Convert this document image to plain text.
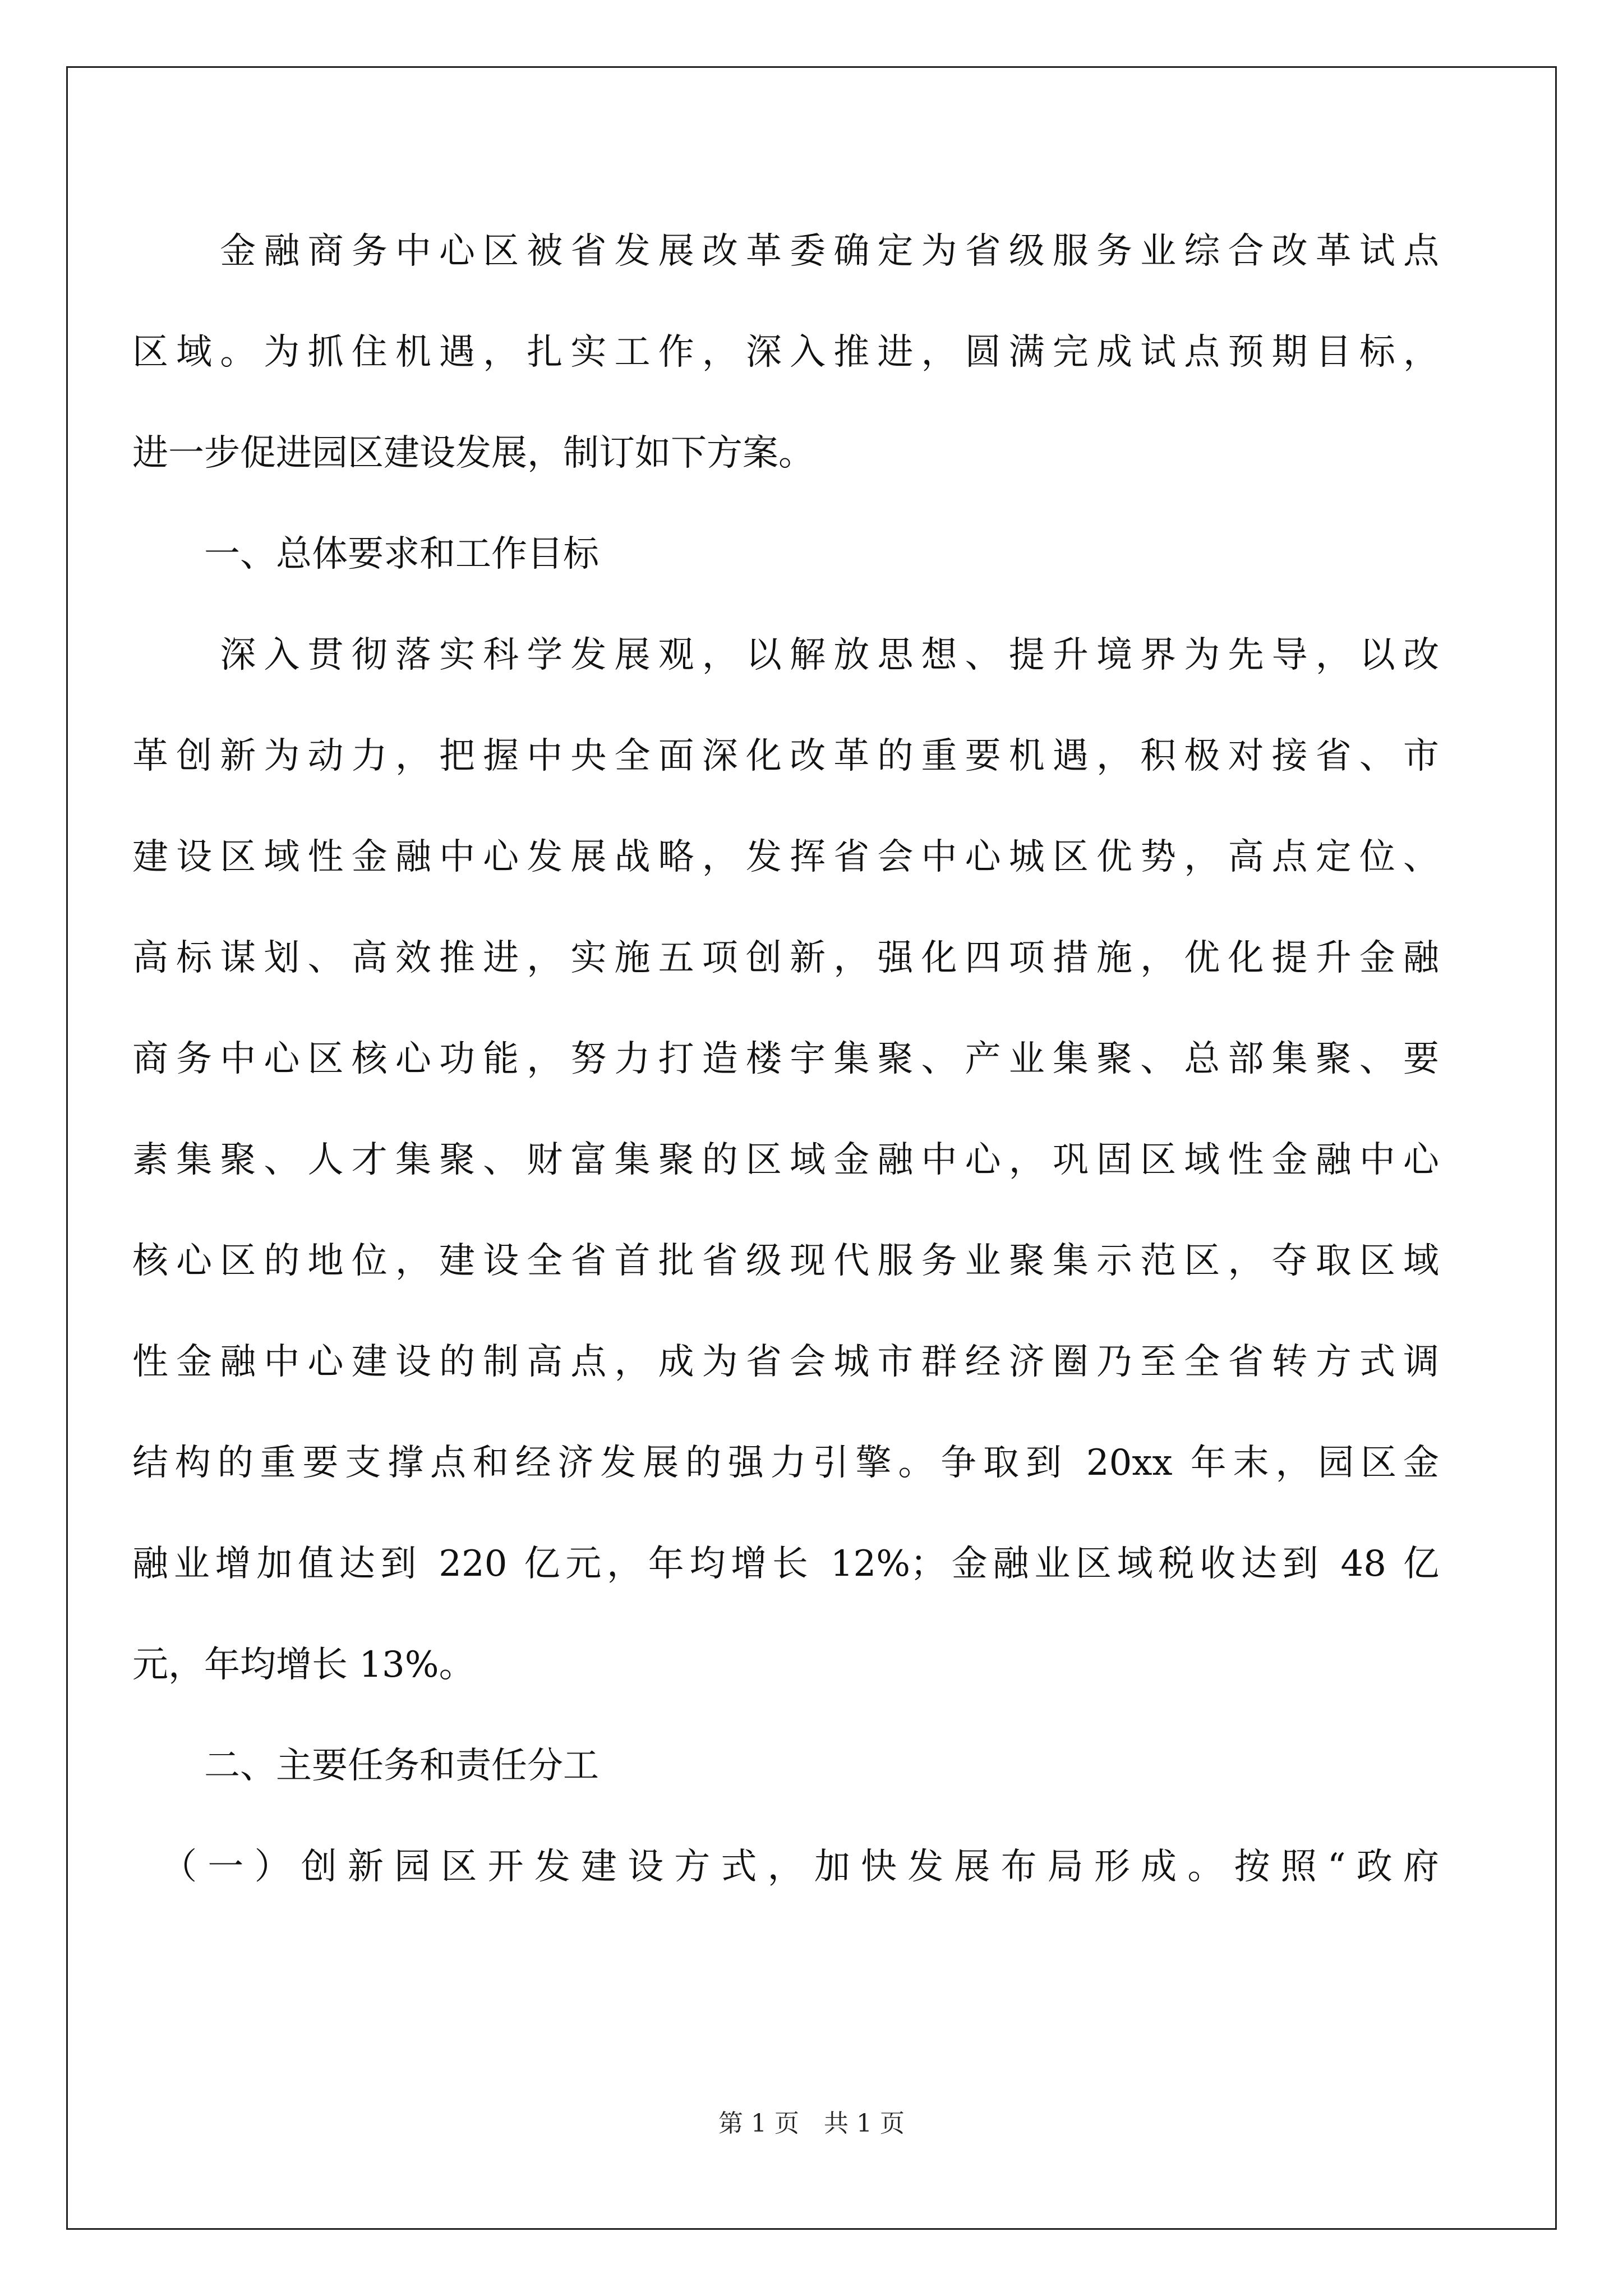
　　金融商务中心区被省发展改革委确定为省级服务业综合改革试点
区域。为抓住机遇，扎实工作，深入推进，圆满完成试点预期目标，
进一步促进园区建设发展，制订如下方案。
　　一、总体要求和工作目标
　　深入贯彻落实科学发展观，以解放思想、提升境界为先导，以改
革创新为动力，把握中央全面深化改革的重要机遇，积极对接省、市
建设区域性金融中心发展战略，发挥省会中心城区优势，高点定位、
高标谋划、高效推进，实施五项创新，强化四项措施，优化提升金融
商务中心区核心功能，努力打造楼宇集聚、产业集聚、总部集聚、要
素集聚、人才集聚、财富集聚的区域金融中心，巩固区域性金融中心
核心区的地位，建设全省首批省级现代服务业聚集示范区，夺取区域
性金融中心建设的制高点，成为省会城市群经济圈乃至全省转方式调
结构的重要支撑点和经济发展的强力引擎。争取到 20xx 年末，园区金
融业增加值达到 220 亿元，年均增长 12%；金融业区域税收达到 48 亿
元，年均增长 13%。
　　二、主要任务和责任分工
　（一）创新园区开发建设方式，加快发展布局形成。按照“政府
第 1 页　共 1 页
